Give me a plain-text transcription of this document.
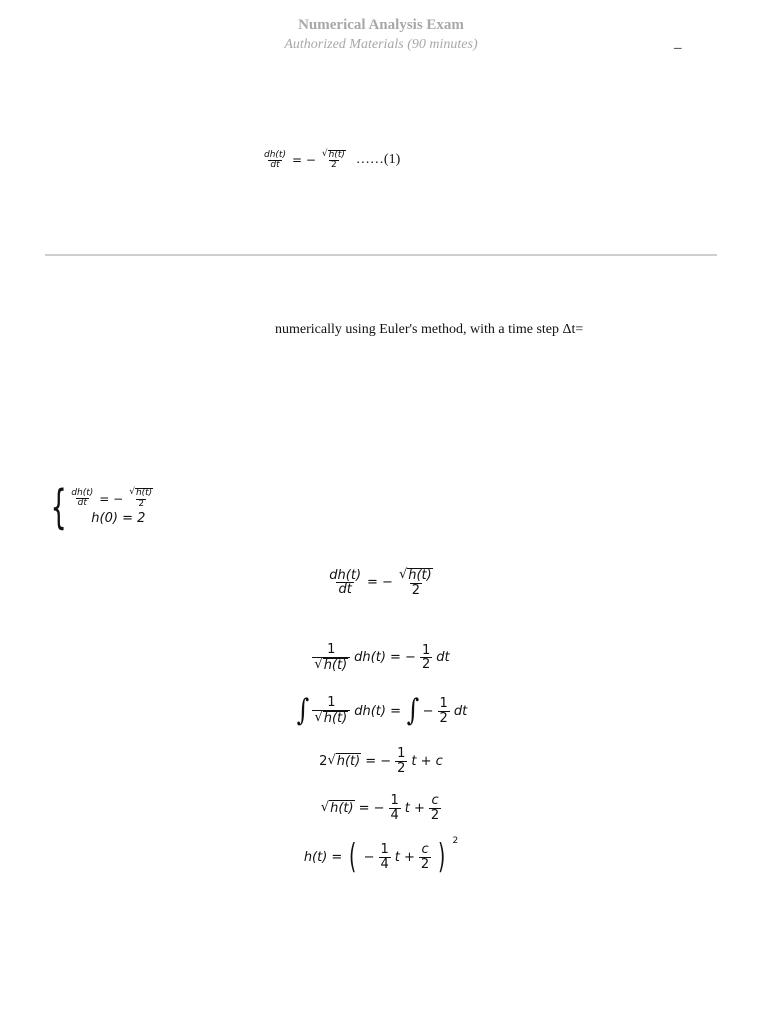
Numerical Analysis Exam
Authorized Materials (90 minutes)	–
$\frac{dh(t)}{dt}$ = − $\frac{√ h(t)}{2}$ ……(1)
numerically using Euler's method, with a time step Δt=
{ $\frac{dh(t)}{dt}$ = − $\frac{√ h(t)}{2}$
h(0) = 2
$\frac{dh(t)}{dt}$ = − $\frac{√ h(t)}{2}$
$\frac{1}{√ h(t)} dh(t)$ = − $\frac{1}{2}$ dt
∫ $\frac{1}{√ h(t)} dh(t)$ = ∫ − $\frac{1}{2}$ dt
2 √ h(t) = − $\frac{1}{2}$ t + c
√ h(t) = − $\frac{1}{4}$ $t + \frac{c}{2}$
h(t) = ( − $\frac{1}{4}$ $t + \frac{c}{2}$ ) 2
